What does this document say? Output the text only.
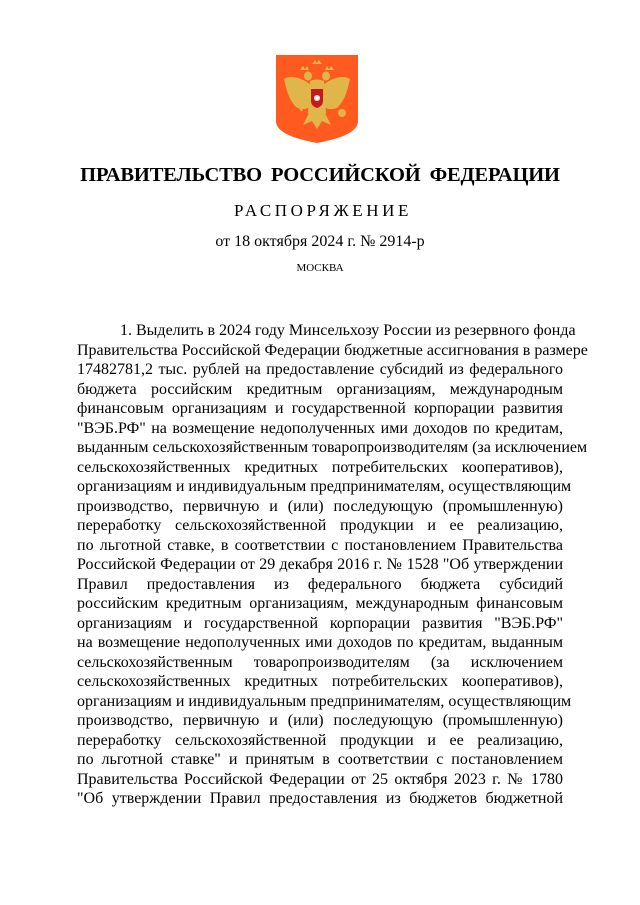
ПРАВИТЕЛЬСТВО РОССИЙСКОЙ ФЕДЕРАЦИИ
РАСПОРЯЖЕНИЕ
от 18 октября 2024 г. № 2914-р
МОСКВА
1. Выделить в 2024 году Минсельхозу России из резервного фонда
Правительства Российской Федерации бюджетные ассигнования в размере
17482781,2 тыс. рублей на предоставление субсидий из федерального
бюджета российским кредитным организациям, международным
финансовым организациям и государственной корпорации развития
"ВЭБ.РФ" на возмещение недополученных ими доходов по кредитам,
выданным сельскохозяйственным товаропроизводителям (за исключением
сельскохозяйственных кредитных потребительских кооперативов),
организациям и индивидуальным предпринимателям, осуществляющим
производство, первичную и (или) последующую (промышленную)
переработку сельскохозяйственной продукции и ее реализацию,
по льготной ставке, в соответствии с постановлением Правительства
Российской Федерации от 29 декабря 2016 г. № 1528 "Об утверждении
Правил предоставления из федерального бюджета субсидий
российским кредитным организациям, международным финансовым
организациям и государственной корпорации развития "ВЭБ.РФ"
на возмещение недополученных ими доходов по кредитам, выданным
сельскохозяйственным товаропроизводителям (за исключением
сельскохозяйственных кредитных потребительских кооперативов),
организациям и индивидуальным предпринимателям, осуществляющим
производство, первичную и (или) последующую (промышленную)
переработку сельскохозяйственной продукции и ее реализацию,
по льготной ставке" и принятым в соответствии с постановлением
Правительства Российской Федерации от 25 октября 2023 г. № 1780
"Об утверждении Правил предоставления из бюджетов бюджетной
